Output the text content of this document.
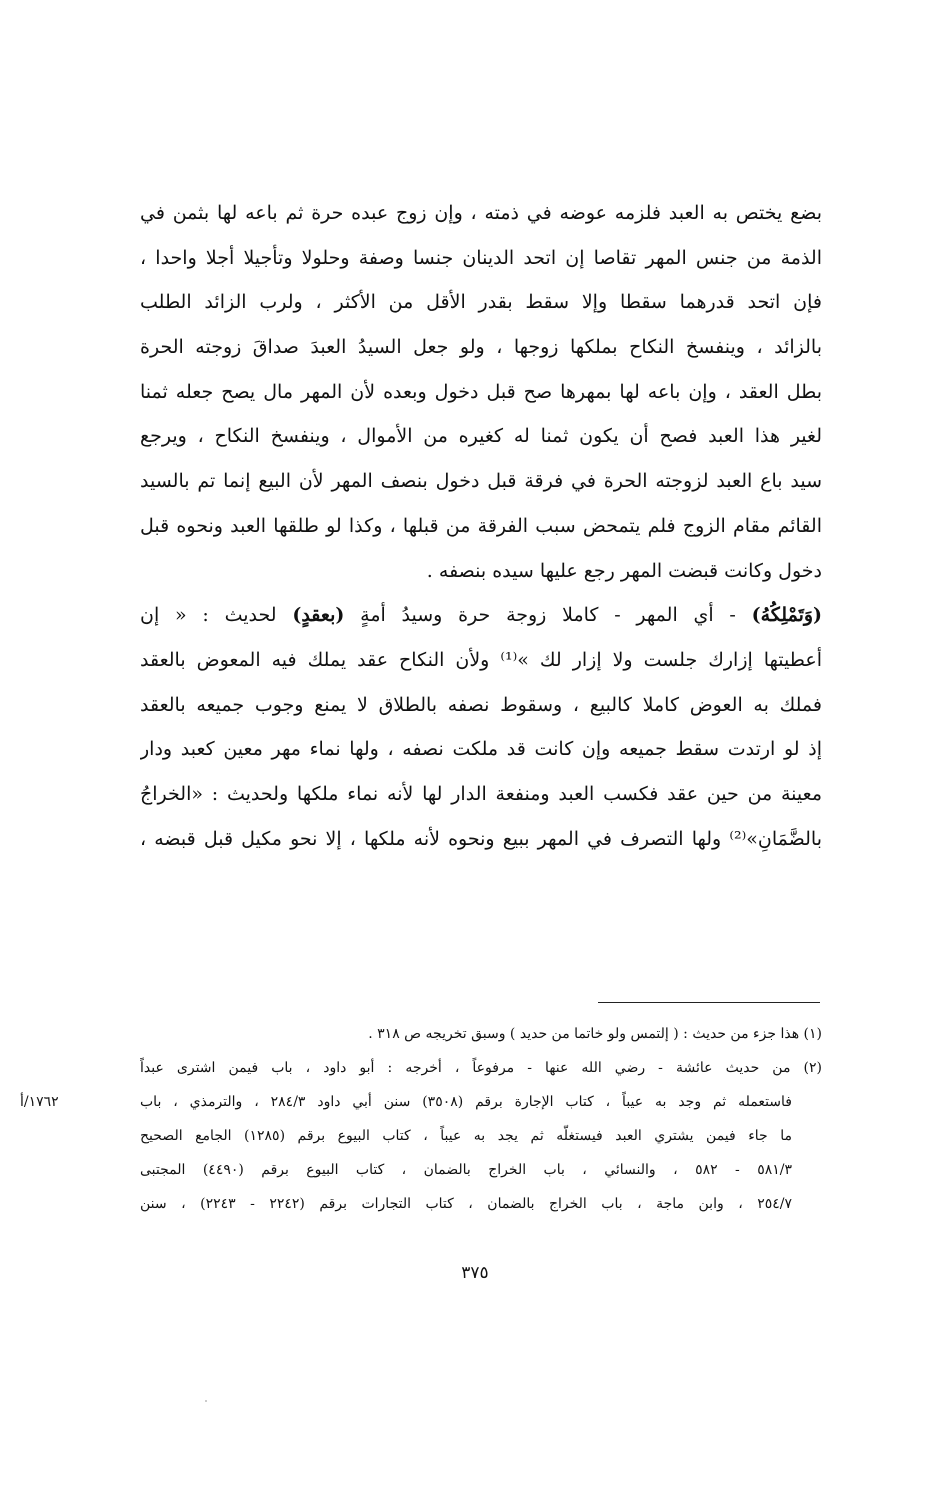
بضع يختص به العبد فلزمه عوضه في ذمته ، وإن زوج عبده حرة ثم باعه لها بثمن في
الذمة من جنس المهر تقاصا إن اتحد الدينان جنسا وصفة وحلولا وتأجيلا أجلا واحدا ،
فإن اتحد قدرهما سقطا وإلا سقط بقدر الأقل من الأكثر ، ولرب الزائد الطلب
بالزائد ، وينفسخ النكاح بملكها زوجها ، ولو جعل السيدُ العبدَ صداقَ زوجته الحرة
بطل العقد ، وإن باعه لها بمهرها صح قبل دخول وبعده لأن المهر مال يصح جعله ثمنا
لغير هذا العبد فصح أن يكون ثمنا له كغيره من الأموال ، وينفسخ النكاح ، ويرجع
سيد باع العبد لزوجته الحرة في فرقة قبل دخول بنصف المهر لأن البيع إنما تم بالسيد
القائم مقام الزوج فلم يتمحض سبب الفرقة من قبلها ، وكذا لو طلقها العبد ونحوه قبل
دخول وكانت قبضت المهر رجع عليها سيده بنصفه .
(وَتَمْلِكُهُ) - أي المهر - كاملا زوجة حرة وسيدُ أمةٍ (بعقدٍ) لحديث : « إن
أعطيتها إزارك جلست ولا إزار لك »⁽¹⁾ ولأن النكاح عقد يملك فيه المعوض بالعقد
فملك به العوض كاملا كالبيع ، وسقوط نصفه بالطلاق لا يمنع وجوب جميعه بالعقد
إذ لو ارتدت سقط جميعه وإن كانت قد ملكت نصفه ، ولها نماء مهر معين كعبد ودار
معينة من حين عقد فكسب العبد ومنفعة الدار لها لأنه نماء ملكها ولحديث : «الخراجُ
بالضَّمَانِ»⁽²⁾ ولها التصرف في المهر ببيع ونحوه لأنه ملكها ، إلا نحو مكيل قبل قبضه ،
(١) هذا جزء من حديث : ( إلتمس ولو خاتما من حديد ) وسبق تخريجه ص ٣١٨ .
(٢) من حديث عائشة - رضي الله عنها - مرفوعاً ، أخرجه : أبو داود ، باب فيمن اشترى عبداً
فاستعمله ثم وجد به عيباً ، كتاب الإجارة برقم (٣٥٠٨) سنن أبي داود ٢٨٤/٣ ، والترمذي ، باب
ما جاء فيمن يشتري العبد فيستغلّه ثم يجد به عيباً ، كتاب البيوع برقم (١٢٨٥) الجامع الصحيح
٥٨١/٣ - ٥٨٢ ، والنسائي ، باب الخراج بالضمان ، كتاب البيوع برقم (٤٤٩٠) المجتبى
٢٥٤/٧ ، وابن ماجة ، باب الخراج بالضمان ، كتاب التجارات برقم (٢٢٤٢ - ٢٢٤٣) ، سنن
١٧٦٢/أ
٣٧٥
